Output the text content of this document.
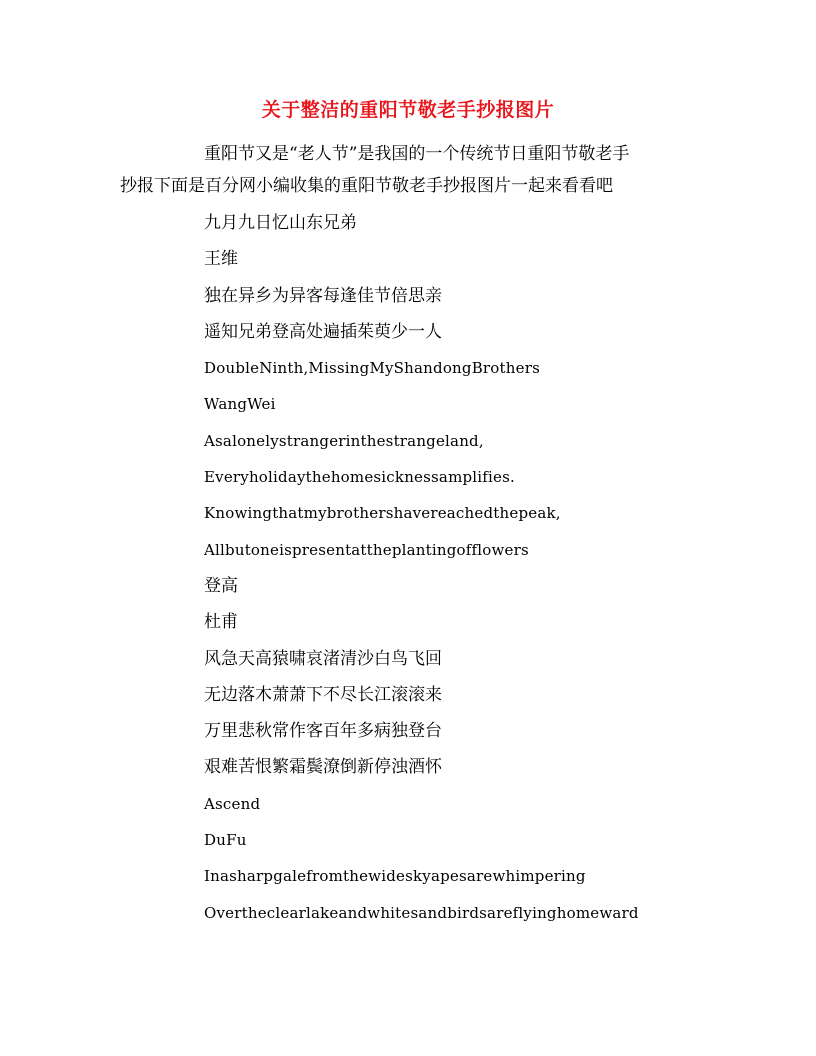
关于整洁的重阳节敬老手抄报图片
重阳节又是“老人节”是我国的一个传统节日重阳节敬老手
抄报下面是百分网小编收集的重阳节敬老手抄报图片一起来看看吧
九月九日忆山东兄弟
王维
独在异乡为异客每逢佳节倍思亲
遥知兄弟登高处遍插茱萸少一人
DoubleNinth,MissingMyShandongBrothers
WangWei
Asalonelystrangerinthestrangeland,
Everyholidaythehomesicknessamplifies.
Knowingthatmybrothershavereachedthepeak,
Allbutoneispresentattheplantingofflowers
登高
杜甫
风急天高猿啸哀渚清沙白鸟飞回
无边落木萧萧下不尽长江滚滚来
万里悲秋常作客百年多病独登台
艰难苦恨繁霜鬓潦倒新停浊酒怀
Ascend
DuFu
Inasharpgalefromthewideskyapesarewhimpering
Overtheclearlakeandwhitesandbirdsareflyinghomeward
